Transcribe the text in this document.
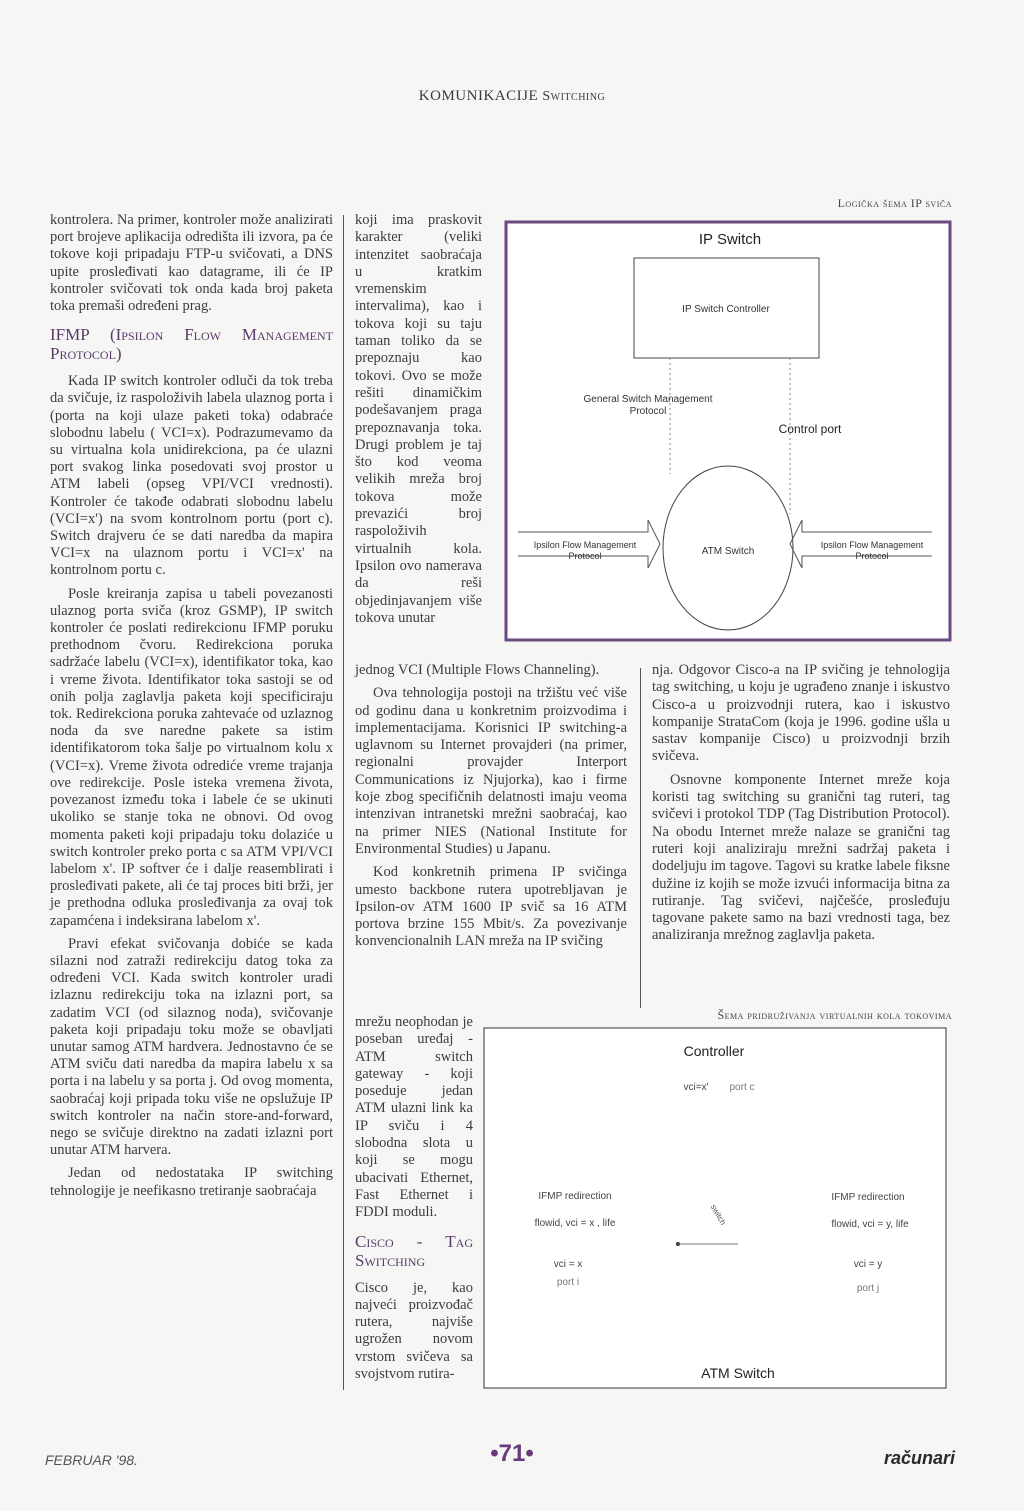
KOMUNIKACIJE Switching

kontrolera. Na primer, kontroler može analizirati port brojeve aplikacija odredišta ili izvora, pa će tokove koji pripadaju FTP-u svičovati, a DNS upite prosleđivati kao datagrame, ili će IP kontroler svičovati tok onda kada broj paketa toka premaši određeni prag.

IFMP (Ipsilon Flow Management Protocol)

Kada IP switch kontroler odluči da tok treba da svičuje, iz raspoloživih labela ulaznog porta i (porta na koji ulaze paketi toka) odabraće slobodnu labelu ( VCI=x). Podrazumevamo da su virtualna kola unidirekciona, pa će ulazni port svakog linka posedovati svoj prostor u ATM labeli (opseg VPI/VCI vrednosti). Kontroler će takođe odabrati slobodnu labelu (VCI=x') na svom kontrolnom portu (port c). Switch drajveru će se dati naredba da mapira VCI=x na ulaznom portu i VCI=x' na kontrolnom portu c.

Posle kreiranja zapisa u tabeli povezanosti ulaznog porta sviča (kroz GSMP), IP switch kontroler će poslati redirekcionu IFMP poruku prethodnom čvoru. Redirekciona poruka sadržaće labelu (VCI=x), identifikator toka, kao i vreme života. Identifikator toka sastoji se od onih polja zaglavlja paketa koji specificiraju tok. Redirekciona poruka zahtevaće od uzlaznog noda da sve naredne pakete sa istim identifikatorom toka šalje po virtualnom kolu x (VCI=x). Vreme života odrediće vreme trajanja ove redirekcije. Posle isteka vremena života, povezanost između toka i labele će se ukinuti ukoliko se stanje toka ne obnovi. Od ovog momenta paketi koji pripadaju toku dolaziće u switch kontroler preko porta c sa ATM VPI/VCI labelom x'. IP softver će i dalje reasemblirati i prosleđivati pakete, ali će taj proces biti brži, jer je prethodna odluka prosleđivanja za ovaj tok zapamćena i indeksirana labelom x'.

Pravi efekat svičovanja dobiće se kada silazni nod zatraži redirekciju datog toka za određeni VCI. Kada switch kontroler uradi izlaznu redirekciju toka na izlazni port, sa zadatim VCI (od silaznog noda), svičovanje paketa koji pripadaju toku može se obavljati unutar samog ATM hardvera. Jednostavno će se ATM sviču dati naredba da mapira labelu x sa porta i na labelu y sa porta j. Od ovog momenta, saobraćaj koji pripada toku više ne opslužuje IP switch kontroler na način store-and-forward, nego se svičuje direktno na zadati izlazni port unutar ATM harvera.

Jedan od nedostataka IP switching tehnologije je neefikasno tretiranje saobraćaja

koji ima praskovit karakter (veliki intenzitet saobraćaja u kratkim vremenskim intervalima), kao i tokova koji su taju taman toliko da se prepoznaju kao tokovi. Ovo se može rešiti dinamičkim podešavanjem praga prepoznavanja toka. Drugi problem je taj što kod veoma velikih mreža broj tokova može prevazići broj raspoloživih virtualnih kola. Ipsilon ovo namerava da reši objedinjavanjem više tokova unutar

jednog VCI (Multiple Flows Channeling).

Ova tehnologija postoji na tržištu već više od godinu dana u konkretnim proizvodima i implementacijama. Korisnici IP switching-a uglavnom su Internet provajderi (na primer, regionalni provajder Interport Communications iz Njujorka), kao i firme koje zbog specifičnih delatnosti imaju veoma intenzivan intranetski mrežni saobraćaj, kao na primer NIES (National Institute for Environmental Studies) u Japanu.

Kod konkretnih primena IP svičinga umesto backbone rutera upotrebljavan je Ipsilon-ov ATM 1600 IP svič sa 16 ATM portova brzine 155 Mbit/s. Za povezivanje konvencionalnih LAN mreža na IP svičing

mrežu neophodan je poseban uređaj - ATM switch gateway - koji poseduje jedan ATM ulazni link ka IP sviču i 4 slobodna slota u koji se mogu ubacivati Ethernet, Fast Ethernet i FDDI moduli.

Cisco - Tag Switching

Cisco je, kao najveći proizvođač rutera, najviše ugrožen novom vrstom svičeva sa svojstvom rutira-

nja. Odgovor Cisco-a na IP svičing je tehnologija tag switching, u koju je ugrađeno znanje i iskustvo Cisco-a u proizvodnji rutera, kao i iskustvo kompanije StrataCom (koja je 1996. godine ušla u sastav kompanije Cisco) u proizvodnji brzih svičeva.

Osnovne komponente Internet mreže koja koristi tag switching su granični tag ruteri, tag svičevi i protokol TDP (Tag Distribution Protocol). Na obodu Internet mreže nalaze se granični tag ruteri koji analiziraju mrežni sadržaj paketa i dodeljuju im tagove. Tagovi su kratke labele fiksne dužine iz kojih se može izvući informacija bitna za rutiranje. Tag svičevi, najčešće, prosleđuju tagovane pakete samo na bazi vrednosti taga, bez analiziranja mrežnog zaglavlja paketa.

Logička šema IP sviča
IP Switch
IP Switch Controller
General Switch Management
Protocol
Control port
ATM Switch
Ipsilon Flow Management
Protocol
Ipsilon Flow Management
Protocol
Šema pridruživanja virtualnih kola tokovima
Controller
vci=x' port c
IFMP redirection
flowid, vci = x , life
IFMP redirection
flowid, vci = y, life
switch
vci = x
port i
vci = y
port j
ATM Switch
FEBRUAR '98.	•71•	računari
